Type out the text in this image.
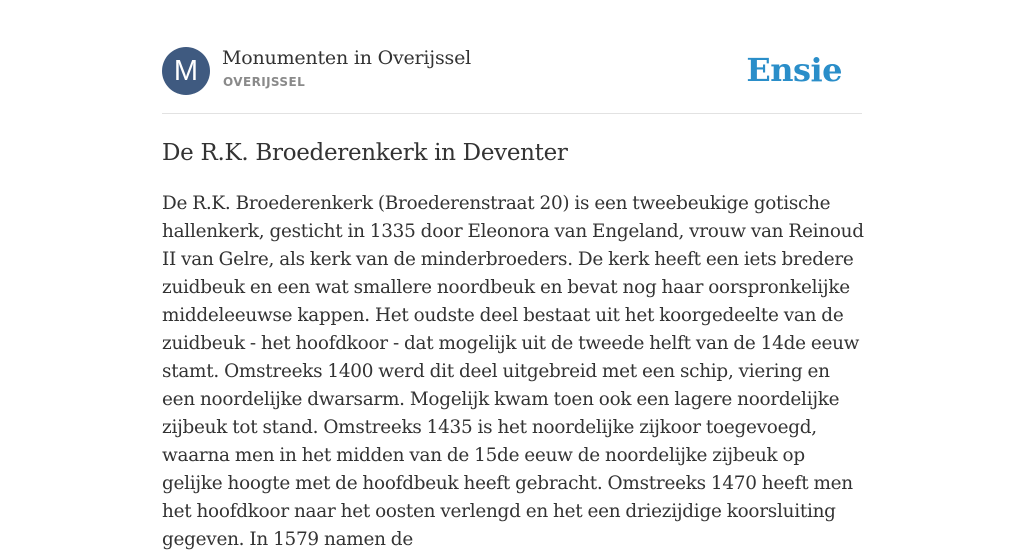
M	Monumenten in Overijssel
OVERIJSSEL	Ensie
De R.K. Broederenkerk in Deventer

De R.K. Broederenkerk (Broederenstraat 20) is een tweebeukige gotische hallenkerk, gesticht in 1335 door Eleonora van Engeland, vrouw van Reinoud II van Gelre, als kerk van de minderbroeders. De kerk heeft een iets bredere zuidbeuk en een wat smallere noordbeuk en bevat nog haar oorspronkelijke middeleeuwse kappen. Het oudste deel bestaat uit het koorgedeelte van de zuidbeuk - het hoofdkoor - dat mogelijk uit de tweede helft van de 14de eeuw stamt. Omstreeks 1400 werd dit deel uitgebreid met een schip, viering en een noordelijke dwarsarm. Mogelijk kwam toen ook een lagere noordelijke zijbeuk tot stand. Omstreeks 1435 is het noordelijke zijkoor toegevoegd, waarna men in het midden van de 15de eeuw de noordelijke zijbeuk op gelijke hoogte met de hoofdbeuk heeft gebracht. Omstreeks 1470 heeft men het hoofdkoor naar het oosten verlengd en het een driezijdige koorsluiting gegeven. In 1579 namen de
